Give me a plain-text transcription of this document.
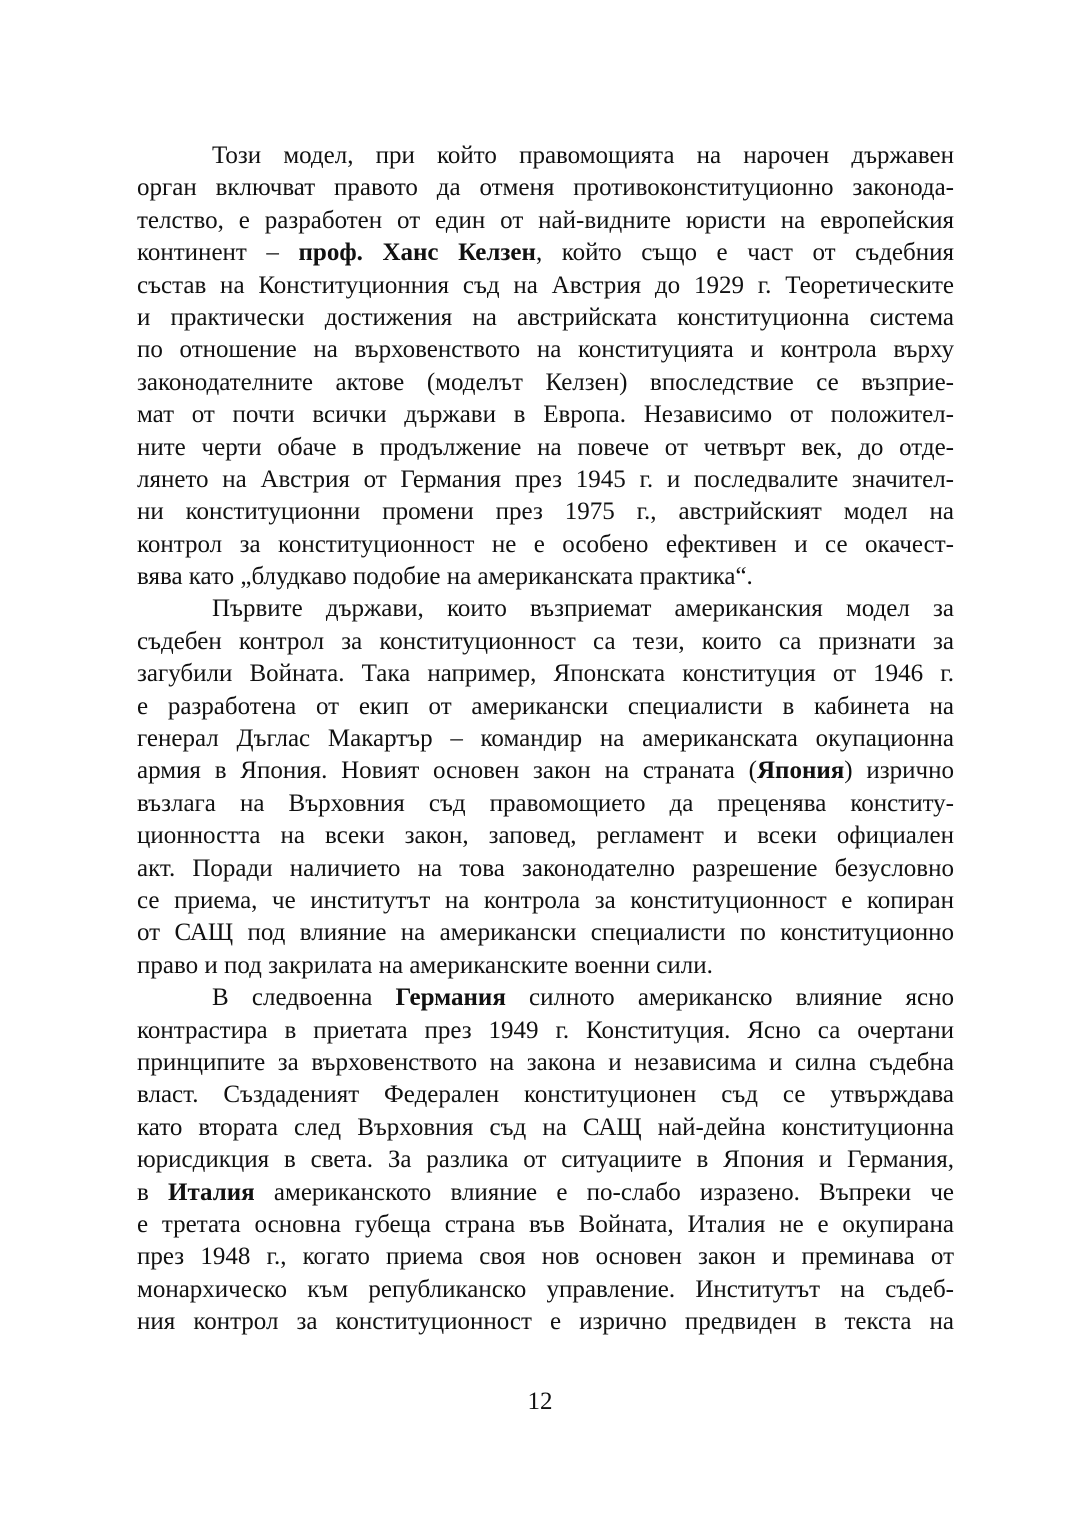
Този модел, при който правомощията на нарочен държавен
орган включват правото да отменя противоконституционно законода-
телство, е разработен от един от най-видните юристи на европейския
континент – проф. Ханс Келзен, който също е част от съдебния
състав на Конституционния съд на Австрия до 1929 г. Теоретическите
и практически достижения на австрийската конституционна система
по отношение на върховенството на конституцията и контрола върху
законодателните актове (моделът Келзен) впоследствие се възприе-
мат от почти всички държави в Европа. Независимо от положител-
ните черти обаче в продължение на повече от четвърт век, до отде-
лянето на Австрия от Германия през 1945 г. и последвалите значител-
ни конституционни промени през 1975 г., австрийският модел на
контрол за конституционност не е особено ефективен и се окачест-
вява като „блудкаво подобие на американската практика“.
Първите държави, които възприемат американския модел за
съдебен контрол за конституционност са тези, които са признати за
загубили Войната. Така например, Японската конституция от 1946 г.
е разработена от екип от американски специалисти в кабинета на
генерал Дъглас Макартър – командир на американската окупационна
армия в Япония. Новият основен закон на страната (Япония) изрично
възлага на Върховния съд правомощието да преценява конститу-
ционността на всеки закон, заповед, регламент и всеки официален
акт. Поради наличието на това законодателно разрешение безусловно
се приема, че институтът на контрола за конституционност е копиран
от САЩ под влияние на американски специалисти по конституционно
право и под закрилата на американските военни сили.
В следвоенна Германия силното американско влияние ясно
контрастира в приетата през 1949 г. Конституция. Ясно са очертани
принципите за върховенството на закона и независима и силна съдебна
власт. Създаденият Федерален конституционен съд се утвърждава
като втората след Върховния съд на САЩ най-дейна конституционна
юрисдикция в света. За разлика от ситуациите в Япония и Германия,
в Италия американското влияние е по-слабо изразено. Въпреки че
е третата основна губеща страна във Войната, Италия не е окупирана
през 1948 г., когато приема своя нов основен закон и преминава от
монархическо към републиканско управление. Институтът на съдеб-
ния контрол за конституционност е изрично предвиден в текста на
12
